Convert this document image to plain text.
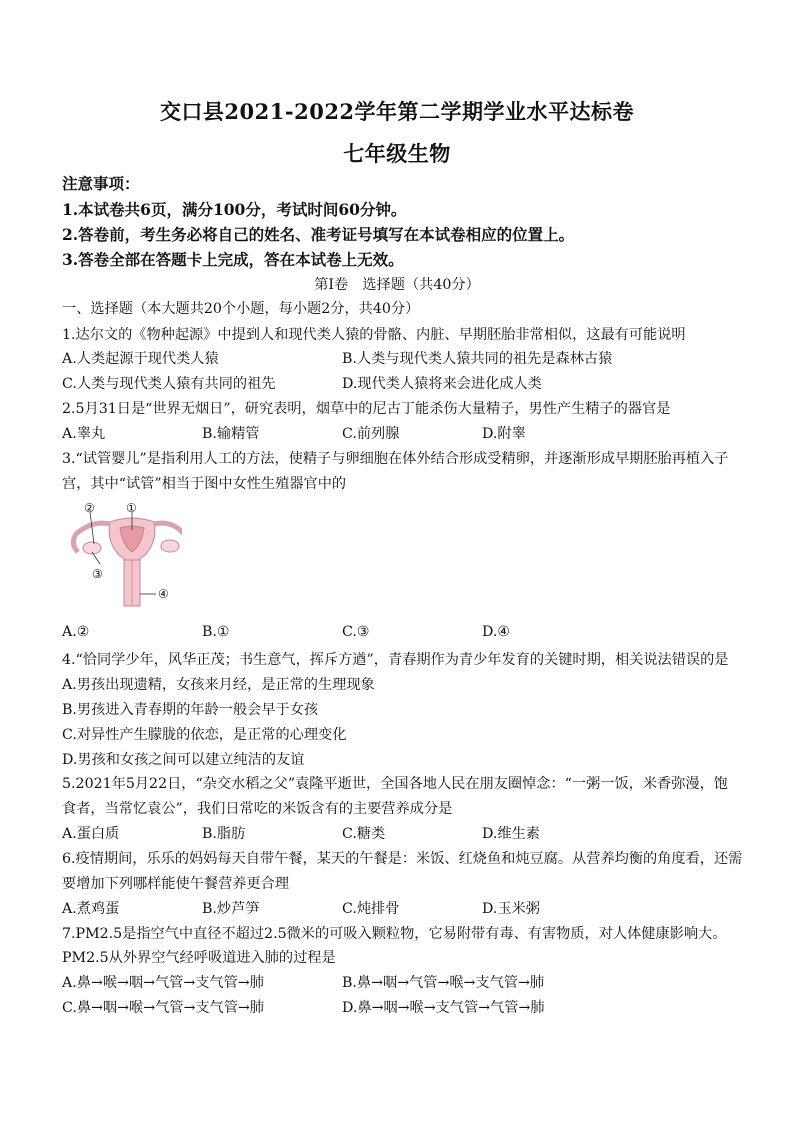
交口县2021-2022学年第二学期学业水平达标卷
七年级生物
注意事项：
1.本试卷共6页，满分100分，考试时间60分钟。
2.答卷前，考生务必将自己的姓名、准考证号填写在本试卷相应的位置上。
3.答卷全部在答题卡上完成，答在本试卷上无效。
第Ⅰ卷　选择题（共40分）
一、选择题（本大题共20个小题，每小题2分，共40分）
1.达尔文的《物种起源》中提到人和现代类人猿的骨骼、内脏、早期胚胎非常相似，这最有可能说明
A.人类起源于现代类人猿	B.人类与现代类人猿共同的祖先是森林古猿
C.人类与现代类人猿有共同的祖先	D.现代类人猿将来会进化成人类
2.5月31日是“世界无烟日”，研究表明，烟草中的尼古丁能杀伤大量精子，男性产生精子的器官是
A.睾丸	B.输精管	C.前列腺	D.附睾
3.“试管婴儿”是指利用人工的方法，使精子与卵细胞在体外结合形成受精卵，并逐渐形成早期胚胎再植入子
宫，其中“试管”相当于图中女性生殖器官中的
②	①
③
④
A.②	B.①	C.③	D.④
4.“恰同学少年，风华正茂；书生意气，挥斥方遒”，青春期作为青少年发育的关键时期，相关说法错误的是
A.男孩出现遗精，女孩来月经，是正常的生理现象
B.男孩进入青春期的年龄一般会早于女孩
C.对异性产生朦胧的依恋，是正常的心理变化
D.男孩和女孩之间可以建立纯洁的友谊
5.2021年5月22日，“杂交水稻之父”袁隆平逝世，全国各地人民在朋友圈悼念：“一粥一饭，米香弥漫，饱
食者，当常忆袁公”，我们日常吃的米饭含有的主要营养成分是
A.蛋白质	B.脂肪	C.糖类	D.维生素
6.疫情期间，乐乐的妈妈每天自带午餐，某天的午餐是：米饭、红烧鱼和炖豆腐。从营养均衡的角度看，还需
要增加下列哪样能使午餐营养更合理
A.煮鸡蛋	B.炒芦笋	C.炖排骨	D.玉米粥
7.PM2.5是指空气中直径不超过2.5微米的可吸入颗粒物，它易附带有毒、有害物质，对人体健康影响大。
PM2.5从外界空气经呼吸道进入肺的过程是
A.鼻→喉→咽→气管→支气管→肺	B.鼻→咽→气管→喉→支气管→肺
C.鼻→咽→喉→气管→支气管→肺	D.鼻→咽→喉→支气管→气管→肺
